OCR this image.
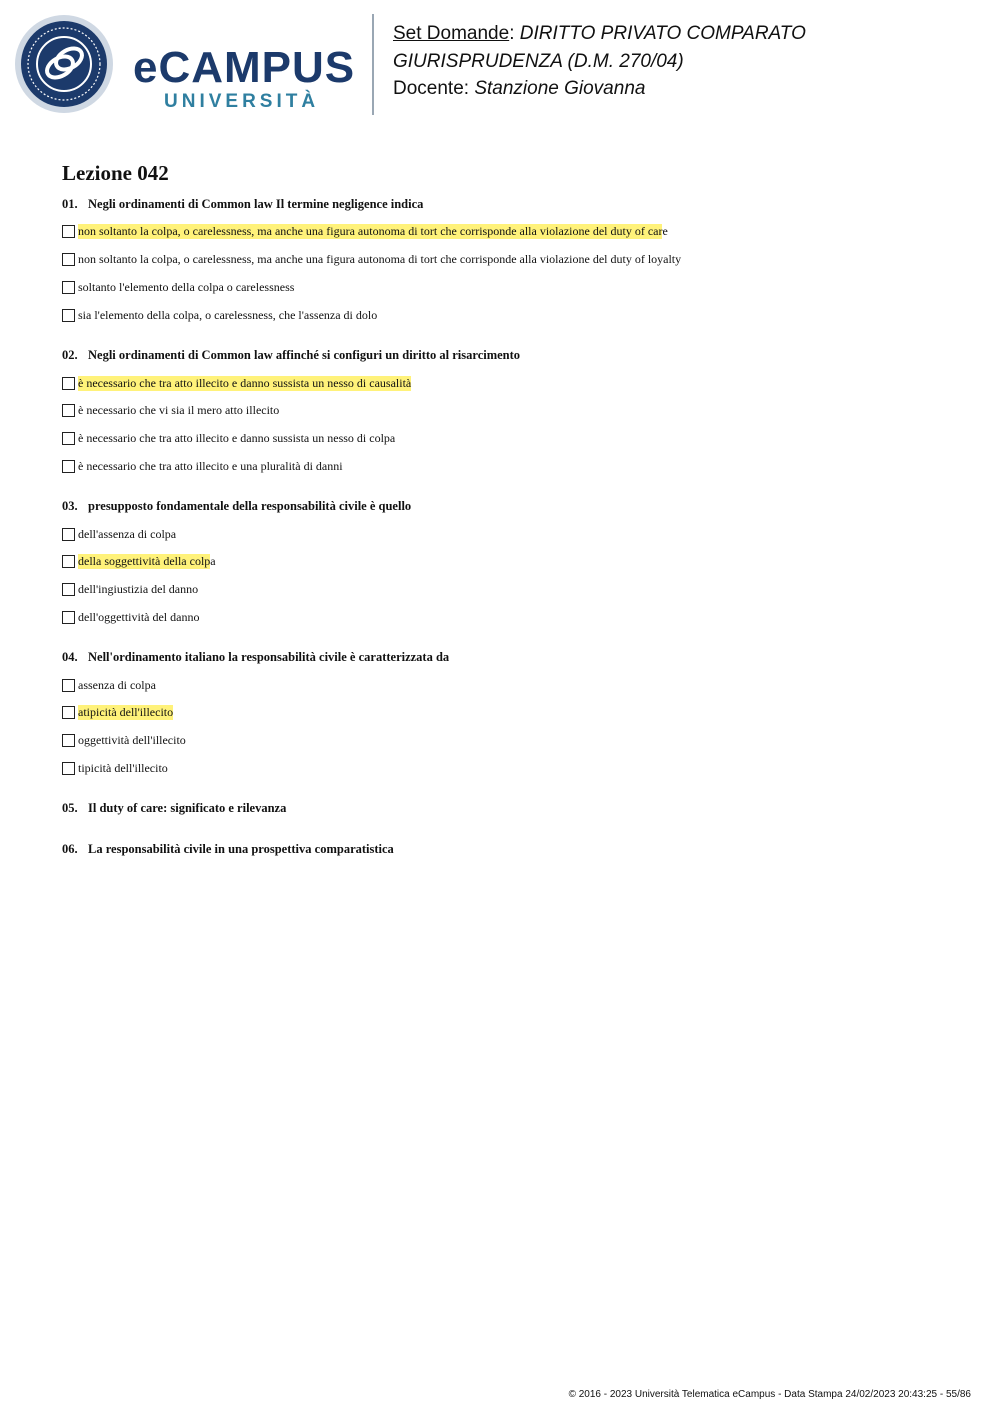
eCAMPUS
UNIVERSITÀ
Set Domande: DIRITTO PRIVATO COMPARATO
GIURISPRUDENZA (D.M. 270/04)
Docente: Stanzione Giovanna
Lezione 042
01. Negli ordinamenti di Common law Il termine negligence indica
non soltanto la colpa, o carelessness, ma anche una figura autonoma di tort che corrisponde alla violazione del duty of car e
non soltanto la colpa, o carelessness, ma anche una figura autonoma di tort che corrisponde alla violazione del duty of loyalty
soltanto l'elemento della colpa o carelessness
sia l'elemento della colpa, o carelessness, che l'assenza di dolo
02. Negli ordinamenti di Common law affinché si configuri un diritto al risarcimento
è necessario che tra atto illecito e danno sussista un nesso di causalità
è necessario che vi sia il mero atto illecito
è necessario che tra atto illecito e danno sussista un nesso di colpa
è necessario che tra atto illecito e una pluralità di danni
03. presupposto fondamentale della responsabilità civile è quello
dell'assenza di colpa
della soggettività della colp a
dell'ingiustizia del danno
dell'oggettività del danno
04. Nell'ordinamento italiano la responsabilità civile è caratterizzata da
assenza di colpa
atipicità dell'illecito
oggettività dell'illecito
tipicità dell'illecito
05. Il duty of care: significato e rilevanza
06. La responsabilità civile in una prospettiva comparatistica
© 2016 - 2023 Università Telematica eCampus - Data Stampa 24/02/2023 20:43:25 - 55/86
